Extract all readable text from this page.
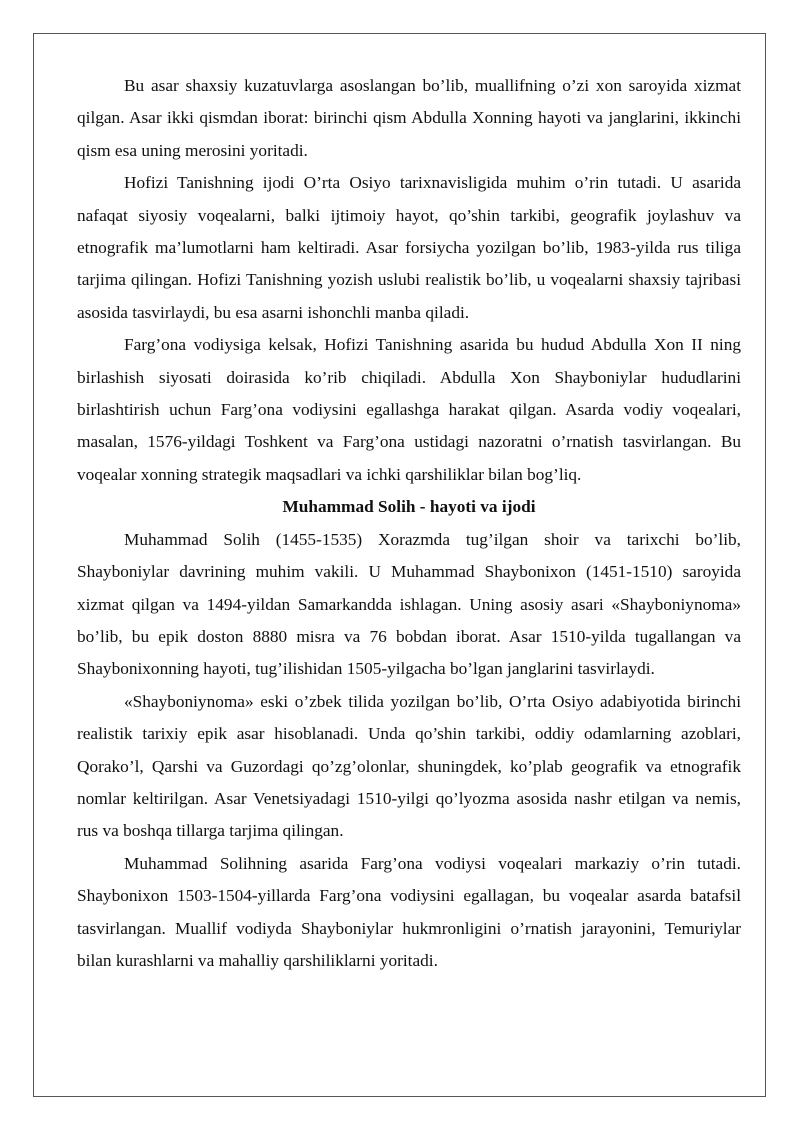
Bu asar shaxsiy kuzatuvlarga asoslangan bo’lib, muallifning o’zi xon saroyida xizmat qilgan. Asar ikki qismdan iborat: birinchi qism Abdulla Xonning hayoti va janglarini, ikkinchi qism esa uning merosini yoritadi.

Hofizi Tanishning ijodi O’rta Osiyo tarixnavisligida muhim o’rin tutadi. U asarida nafaqat siyosiy voqealarni, balki ijtimoiy hayot, qo’shin tarkibi, geografik joylashuv va etnografik ma’lumotlarni ham keltiradi. Asar forsiycha yozilgan bo’lib, 1983-yilda rus tiliga tarjima qilingan. Hofizi Tanishning yozish uslubi realistik bo’lib, u voqealarni shaxsiy tajribasi asosida tasvirlaydi, bu esa asarni ishonchli manba qiladi.

Farg’ona vodiysiga kelsak, Hofizi Tanishning asarida bu hudud Abdulla Xon II ning birlashish siyosati doirasida ko’rib chiqiladi. Abdulla Xon Shayboniylar hududlarini birlashtirish uchun Farg’ona vodiysini egallashga harakat qilgan. Asarda vodiy voqealari, masalan, 1576-yildagi Toshkent va Farg’ona ustidagi nazoratni o’rnatish tasvirlangan. Bu voqealar xonning strategik maqsadlari va ichki qarshiliklar bilan bog’liq.

Muhammad Solih - hayoti va ijodi

Muhammad Solih (1455-1535) Xorazmda tug’ilgan shoir va tarixchi bo’lib, Shayboniylar davrining muhim vakili. U Muhammad Shaybonixon (1451-1510) saroyida xizmat qilgan va 1494-yildan Samarkandda ishlagan. Uning asosiy asari «Shayboniynoma» bo’lib, bu epik doston 8880 misra va 76 bobdan iborat. Asar 1510-yilda tugallangan va Shaybonixonning hayoti, tug’ilishidan 1505-yilgacha bo’lgan janglarini tasvirlaydi.

«Shayboniynoma» eski o’zbek tilida yozilgan bo’lib, O’rta Osiyo adabiyotida birinchi realistik tarixiy epik asar hisoblanadi. Unda qo’shin tarkibi, oddiy odamlarning azoblari, Qorako’l, Qarshi va Guzordagi qo’zg’olonlar, shuningdek, ko’plab geografik va etnografik nomlar keltirilgan. Asar Venetsiyadagi 1510-yilgi qo’lyozma asosida nashr etilgan va nemis, rus va boshqa tillarga tarjima qilingan.

Muhammad Solihning asarida Farg’ona vodiysi voqealari markaziy o’rin tutadi. Shaybonixon 1503-1504-yillarda Farg’ona vodiysini egallagan, bu voqealar asarda batafsil tasvirlangan. Muallif vodiyda Shayboniylar hukmronligini o’rnatish jarayonini, Temuriylar bilan kurashlarni va mahalliy qarshiliklarni yoritadi.
